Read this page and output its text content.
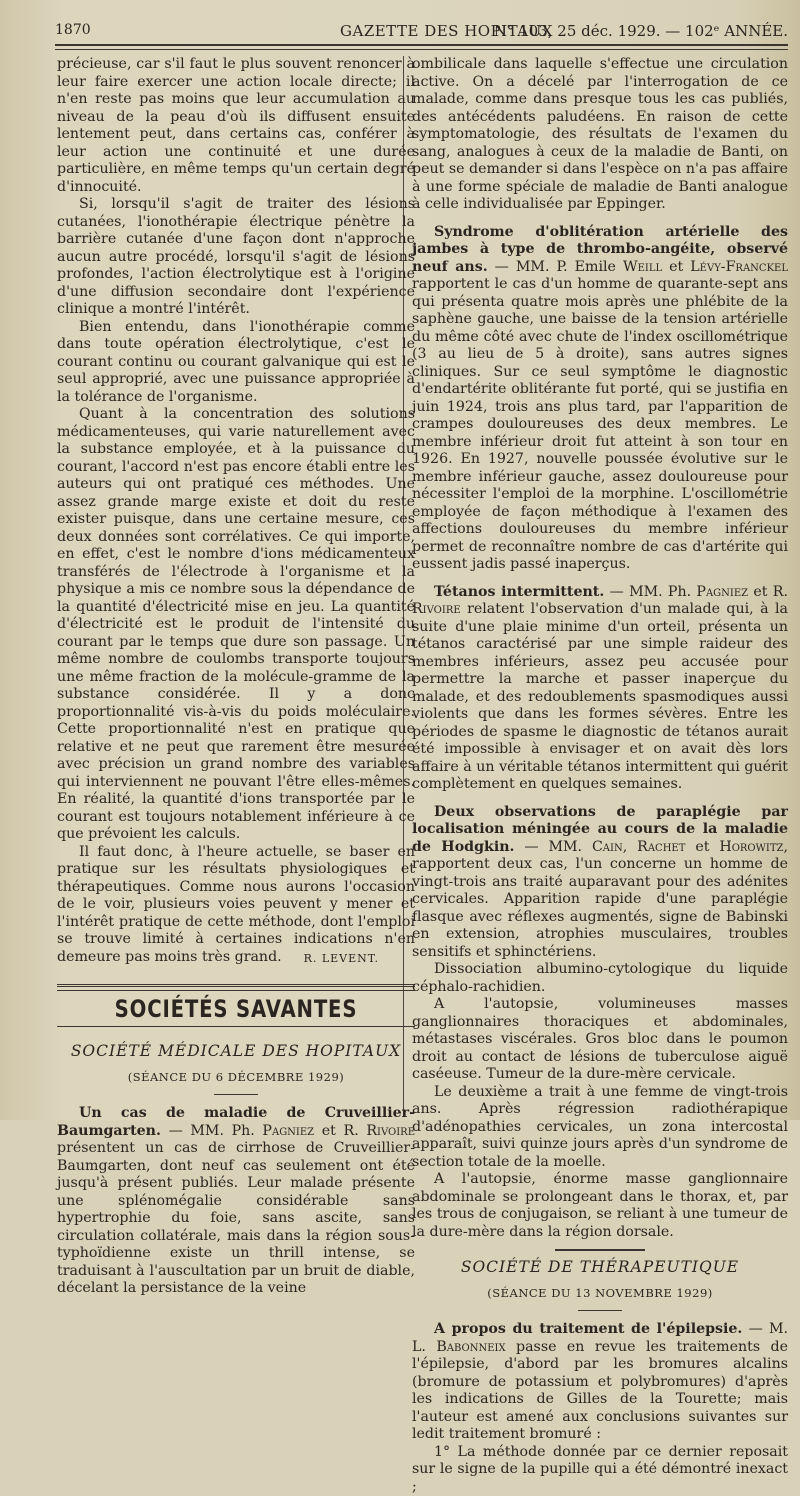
1870	GAZETTE DES HOPITAUX
N° 103, 25 déc. 1929. — 102ᵉ ANNÉE.

précieuse, car s'il faut le plus souvent renoncer à leur faire exercer une action locale directe; il n'en reste pas moins que leur accumulation au niveau de la peau d'où ils diffusent ensuite lentement peut, dans certains cas, conférer à leur action une continuité et une durée particulière, en même temps qu'un certain degré d'innocuité.

Si, lorsqu'il s'agit de traiter des lésions cutanées, l'ionothérapie électrique pénètre la barrière cutanée d'une façon dont n'approche aucun autre procédé, lorsqu'il s'agit de lésions profondes, l'action électrolytique est à l'origine d'une diffusion secondaire dont l'expérience clinique a montré l'intérêt.

Bien entendu, dans l'ionothérapie comme dans toute opération électrolytique, c'est le courant continu ou courant galvanique qui est le seul approprié, avec une puissance appropriée à la tolérance de l'organisme.

Quant à la concentration des solutions médicamenteuses, qui varie naturellement avec la substance employée, et à la puissance du courant, l'accord n'est pas encore établi entre les auteurs qui ont pratiqué ces méthodes. Une assez grande marge existe et doit du reste exister puisque, dans une certaine mesure, ces deux données sont corrélatives. Ce qui importe, en effet, c'est le nombre d'ions médicamenteux transférés de l'électrode à l'organisme et la physique a mis ce nombre sous la dépendance de la quantité d'électricité mise en jeu. La quantité d'électricité est le produit de l'intensité du courant par le temps que dure son passage. Un même nombre de coulombs transporte toujours une même fraction de la molécule-gramme de la substance considérée. Il y a donc proportionnalité vis-à-vis du poids moléculaire. Cette proportionnalité n'est en pratique que relative et ne peut que rarement être mesurée avec précision un grand nombre des variables qui interviennent ne pouvant l'être elles-mêmes. En réalité, la quantité d'ions transportée par le courant est toujours notablement inférieure à ce que prévoient les calculs.

Il faut donc, à l'heure actuelle, se baser en pratique sur les résultats physiologiques et thérapeutiques. Comme nous aurons l'occasion de le voir, plusieurs voies peuvent y mener et l'intérêt pratique de cette méthode, dont l'emploi se trouve limité à certaines indications n'en demeure pas moins très grand.	R. LEVENT.
SOCIÉTÉS SAVANTES
SOCIÉTÉ MÉDICALE DES HOPITAUX
(SÉANCE DU 6 DÉCEMBRE 1929)

Un cas de maladie de Cruveillier-Baumgarten. — MM. Ph. Pagniez et R. Rivoire présentent un cas de cirrhose de Cruveillier-Baumgarten, dont neuf cas seulement ont été jusqu'à présent publiés. Leur malade présente une splénomégalie considérable sans hypertrophie du foie, sans ascite, sans circulation collatérale, mais dans la région sous-typhoïdienne existe un thrill intense, se traduisant à l'auscultation par un bruit de diable, décelant la persistance de la veine

ombilicale dans laquelle s'effectue une circulation active. On a décelé par l'interrogation de ce malade, comme dans presque tous les cas publiés, des antécédents paludéens. En raison de cette symptomatologie, des résultats de l'examen du sang, analogues à ceux de la maladie de Banti, on peut se demander si dans l'espèce on n'a pas affaire à une forme spéciale de maladie de Banti analogue à celle individualisée par Eppinger.

Syndrome d'oblitération artérielle des jambes à type de thrombo-angéite, observé neuf ans. — MM. P. Emile Weill et Lévy-Franckel rapportent le cas d'un homme de quarante-sept ans qui présenta quatre mois après une phlébite de la saphène gauche, une baisse de la tension artérielle du même côté avec chute de l'index oscillométrique (3 au lieu de 5 à droite), sans autres signes cliniques. Sur ce seul symptôme le diagnostic d'endartérite oblitérante fut porté, qui se justifia en juin 1924, trois ans plus tard, par l'apparition de crampes douloureuses des deux membres. Le membre inférieur droit fut atteint à son tour en 1926. En 1927, nouvelle poussée évolutive sur le membre inférieur gauche, assez douloureuse pour nécessiter l'emploi de la morphine. L'oscillométrie employée de façon méthodique à l'examen des affections douloureuses du membre inférieur permet de reconnaître nombre de cas d'artérite qui eussent jadis passé inaperçus.

Tétanos intermittent. — MM. Ph. Pagniez et R. Rivoire relatent l'observation d'un malade qui, à la suite d'une plaie minime d'un orteil, présenta un tétanos caractérisé par une simple raideur des membres inférieurs, assez peu accusée pour permettre la marche et passer inaperçue du malade, et des redoublements spasmodiques aussi violents que dans les formes sévères. Entre les périodes de spasme le diagnostic de tétanos aurait été impossible à envisager et on avait dès lors affaire à un véritable tétanos intermittent qui guérit complètement en quelques semaines.

Deux observations de paraplégie par localisation méningée au cours de la maladie de Hodgkin. — MM. Cain, Rachet et Horowitz, rapportent deux cas, l'un concerne un homme de vingt-trois ans traité auparavant pour des adénites cervicales. Apparition rapide d'une paraplégie flasque avec réflexes augmentés, signe de Babinski en extension, atrophies musculaires, troubles sensitifs et sphinctériens.

Dissociation albumino-cytologique du liquide céphalo-rachidien.

A l'autopsie, volumineuses masses ganglionnaires thoraciques et abdominales, métastases viscérales. Gros bloc dans le poumon droit au contact de lésions de tuberculose aiguë caséeuse. Tumeur de la dure-mère cervicale.

Le deuxième a trait à une femme de vingt-trois ans. Après régression radiothérapique d'adénopathies cervicales, un zona intercostal apparaît, suivi quinze jours après d'un syndrome de section totale de la moelle.

A l'autopsie, énorme masse ganglionnaire abdominale se prolongeant dans le thorax, et, par les trous de conjugaison, se reliant à une tumeur de la dure-mère dans la région dorsale.

SOCIÉTÉ DE THÉRAPEUTIQUE
(SÉANCE DU 13 NOVEMBRE 1929)

A propos du traitement de l'épilepsie. — M. L. Babonneix passe en revue les traitements de l'épilepsie, d'abord par les bromures alcalins (bromure de potassium et polybromures) d'après les indications de Gilles de la Tourette; mais l'auteur est amené aux conclusions suivantes sur ledit traitement bromuré :

1° La méthode donnée par ce dernier reposait sur le signe de la pupille qui a été démontré inexact ;
